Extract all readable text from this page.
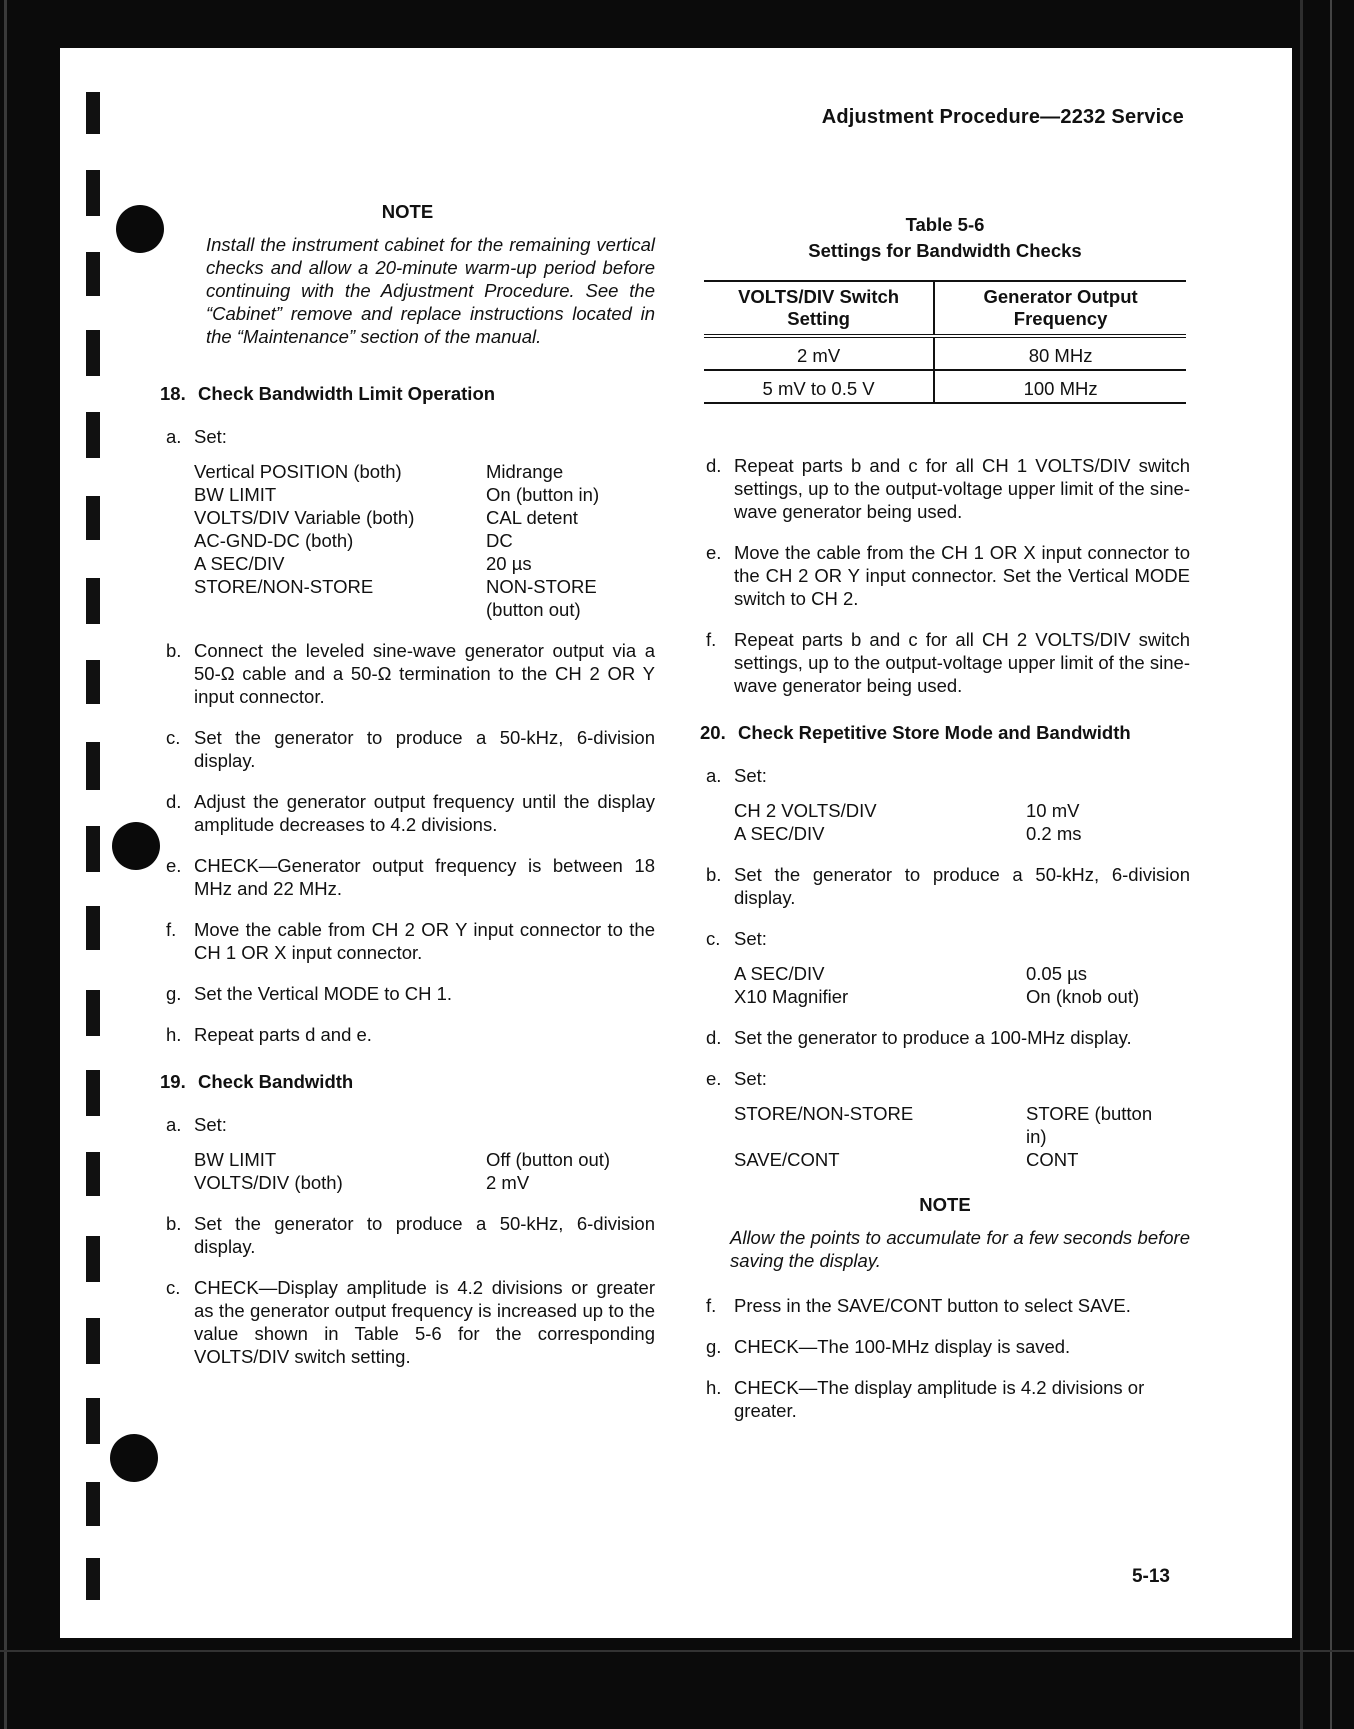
Adjustment Procedure—2232 Service
NOTE
Install the instrument cabinet for the remaining vertical checks and allow a 20-minute warm-up period before continuing with the Adjustment Procedure. See the “Cabinet” remove and replace instructions located in the “Maintenance” section of the manual.
18. Check Bandwidth Limit Operation
a. Set:
Vertical POSITION (both)	Midrange
BW LIMIT	On (button in)
VOLTS/DIV Variable (both)	CAL detent
AC-GND-DC (both)	DC
A SEC/DIV	20 µs
STORE/NON-STORE	NON-STORE (button out)
b. Connect the leveled sine-wave generator output via a 50-Ω cable and a 50-Ω termination to the CH 2 OR Y input connector.
c. Set the generator to produce a 50-kHz, 6-division display.
d. Adjust the generator output frequency until the display amplitude decreases to 4.2 divisions.
e. CHECK—Generator output frequency is between 18 MHz and 22 MHz.
f. Move the cable from CH 2 OR Y input connector to the CH 1 OR X input connector.
g. Set the Vertical MODE to CH 1.
h. Repeat parts d and e.
19. Check Bandwidth
a. Set:
BW LIMIT	Off (button out)
VOLTS/DIV (both)	2 mV
b. Set the generator to produce a 50-kHz, 6-division display.
c. CHECK—Display amplitude is 4.2 divisions or greater as the generator output frequency is increased up to the value shown in Table 5-6 for the corresponding VOLTS/DIV switch setting.
Table 5-6
Settings for Bandwidth Checks
VOLTS/DIV Switch Setting	Generator Output Frequency
2 mV	80 MHz
5 mV to 0.5 V	100 MHz
d. Repeat parts b and c for all CH 1 VOLTS/DIV switch settings, up to the output-voltage upper limit of the sine-wave generator being used.
e. Move the cable from the CH 1 OR X input connector to the CH 2 OR Y input connector. Set the Vertical MODE switch to CH 2.
f. Repeat parts b and c for all CH 2 VOLTS/DIV switch settings, up to the output-voltage upper limit of the sine-wave generator being used.
20. Check Repetitive Store Mode and Bandwidth
a. Set:
CH 2 VOLTS/DIV	10 mV
A SEC/DIV	0.2 ms
b. Set the generator to produce a 50-kHz, 6-division display.
c. Set:
A SEC/DIV	0.05 µs
X10 Magnifier	On (knob out)
d. Set the generator to produce a 100-MHz display.
e. Set:
STORE/NON-STORE	STORE (button in)
SAVE/CONT	CONT
NOTE
Allow the points to accumulate for a few seconds before saving the display.
f. Press in the SAVE/CONT button to select SAVE.
g. CHECK—The 100-MHz display is saved.
h. CHECK—The display amplitude is 4.2 divisions or greater.
5-13
